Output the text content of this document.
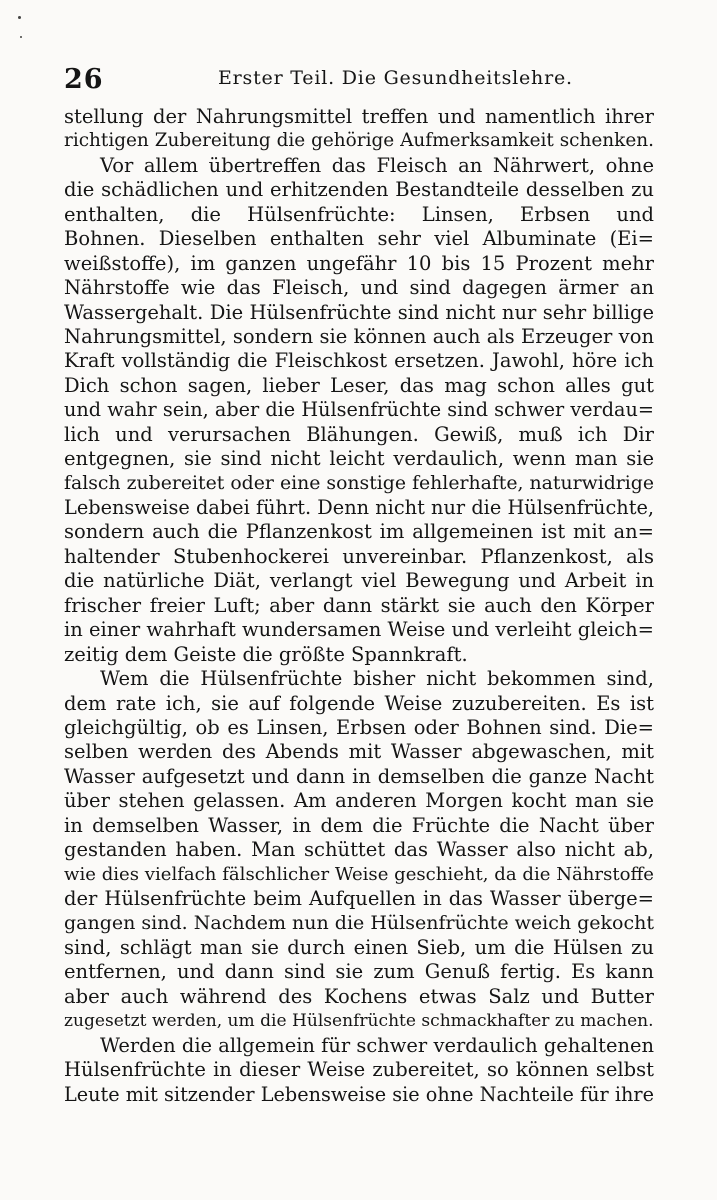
26	Erster Teil. Die Gesundheitslehre.
stellung der Nahrungsmittel treffen und namentlich ihrer
richtigen Zubereitung die gehörige Aufmerksamkeit schenken.
Vor allem übertreffen das Fleisch an Nährwert, ohne
die schädlichen und erhitzenden Bestandteile desselben zu
enthalten, die Hülsenfrüchte: Linsen, Erbsen und
Bohnen. Dieselben enthalten sehr viel Albuminate (Ei=
weißstoffe), im ganzen ungefähr 10 bis 15 Prozent mehr
Nährstoffe wie das Fleisch, und sind dagegen ärmer an
Wassergehalt. Die Hülsenfrüchte sind nicht nur sehr billige
Nahrungsmittel, sondern sie können auch als Erzeuger von
Kraft vollständig die Fleischkost ersetzen. Jawohl, höre ich
Dich schon sagen, lieber Leser, das mag schon alles gut
und wahr sein, aber die Hülsenfrüchte sind schwer verdau=
lich und verursachen Blähungen. Gewiß, muß ich Dir
entgegnen, sie sind nicht leicht verdaulich, wenn man sie
falsch zubereitet oder eine sonstige fehlerhafte, naturwidrige
Lebensweise dabei führt. Denn nicht nur die Hülsenfrüchte,
sondern auch die Pflanzenkost im allgemeinen ist mit an=
haltender Stubenhockerei unvereinbar. Pflanzenkost, als
die natürliche Diät, verlangt viel Bewegung und Arbeit in
frischer freier Luft; aber dann stärkt sie auch den Körper
in einer wahrhaft wundersamen Weise und verleiht gleich=
zeitig dem Geiste die größte Spannkraft.
Wem die Hülsenfrüchte bisher nicht bekommen sind,
dem rate ich, sie auf folgende Weise zuzubereiten. Es ist
gleichgültig, ob es Linsen, Erbsen oder Bohnen sind. Die=
selben werden des Abends mit Wasser abgewaschen, mit
Wasser aufgesetzt und dann in demselben die ganze Nacht
über stehen gelassen. Am anderen Morgen kocht man sie
in demselben Wasser, in dem die Früchte die Nacht über
gestanden haben. Man schüttet das Wasser also nicht ab,
wie dies vielfach fälschlicher Weise geschieht, da die Nährstoffe
der Hülsenfrüchte beim Aufquellen in das Wasser überge=
gangen sind. Nachdem nun die Hülsenfrüchte weich gekocht
sind, schlägt man sie durch einen Sieb, um die Hülsen zu
entfernen, und dann sind sie zum Genuß fertig. Es kann
aber auch während des Kochens etwas Salz und Butter
zugesetzt werden, um die Hülsenfrüchte schmackhafter zu machen.
Werden die allgemein für schwer verdaulich gehaltenen
Hülsenfrüchte in dieser Weise zubereitet, so können selbst
Leute mit sitzender Lebensweise sie ohne Nachteile für ihre
